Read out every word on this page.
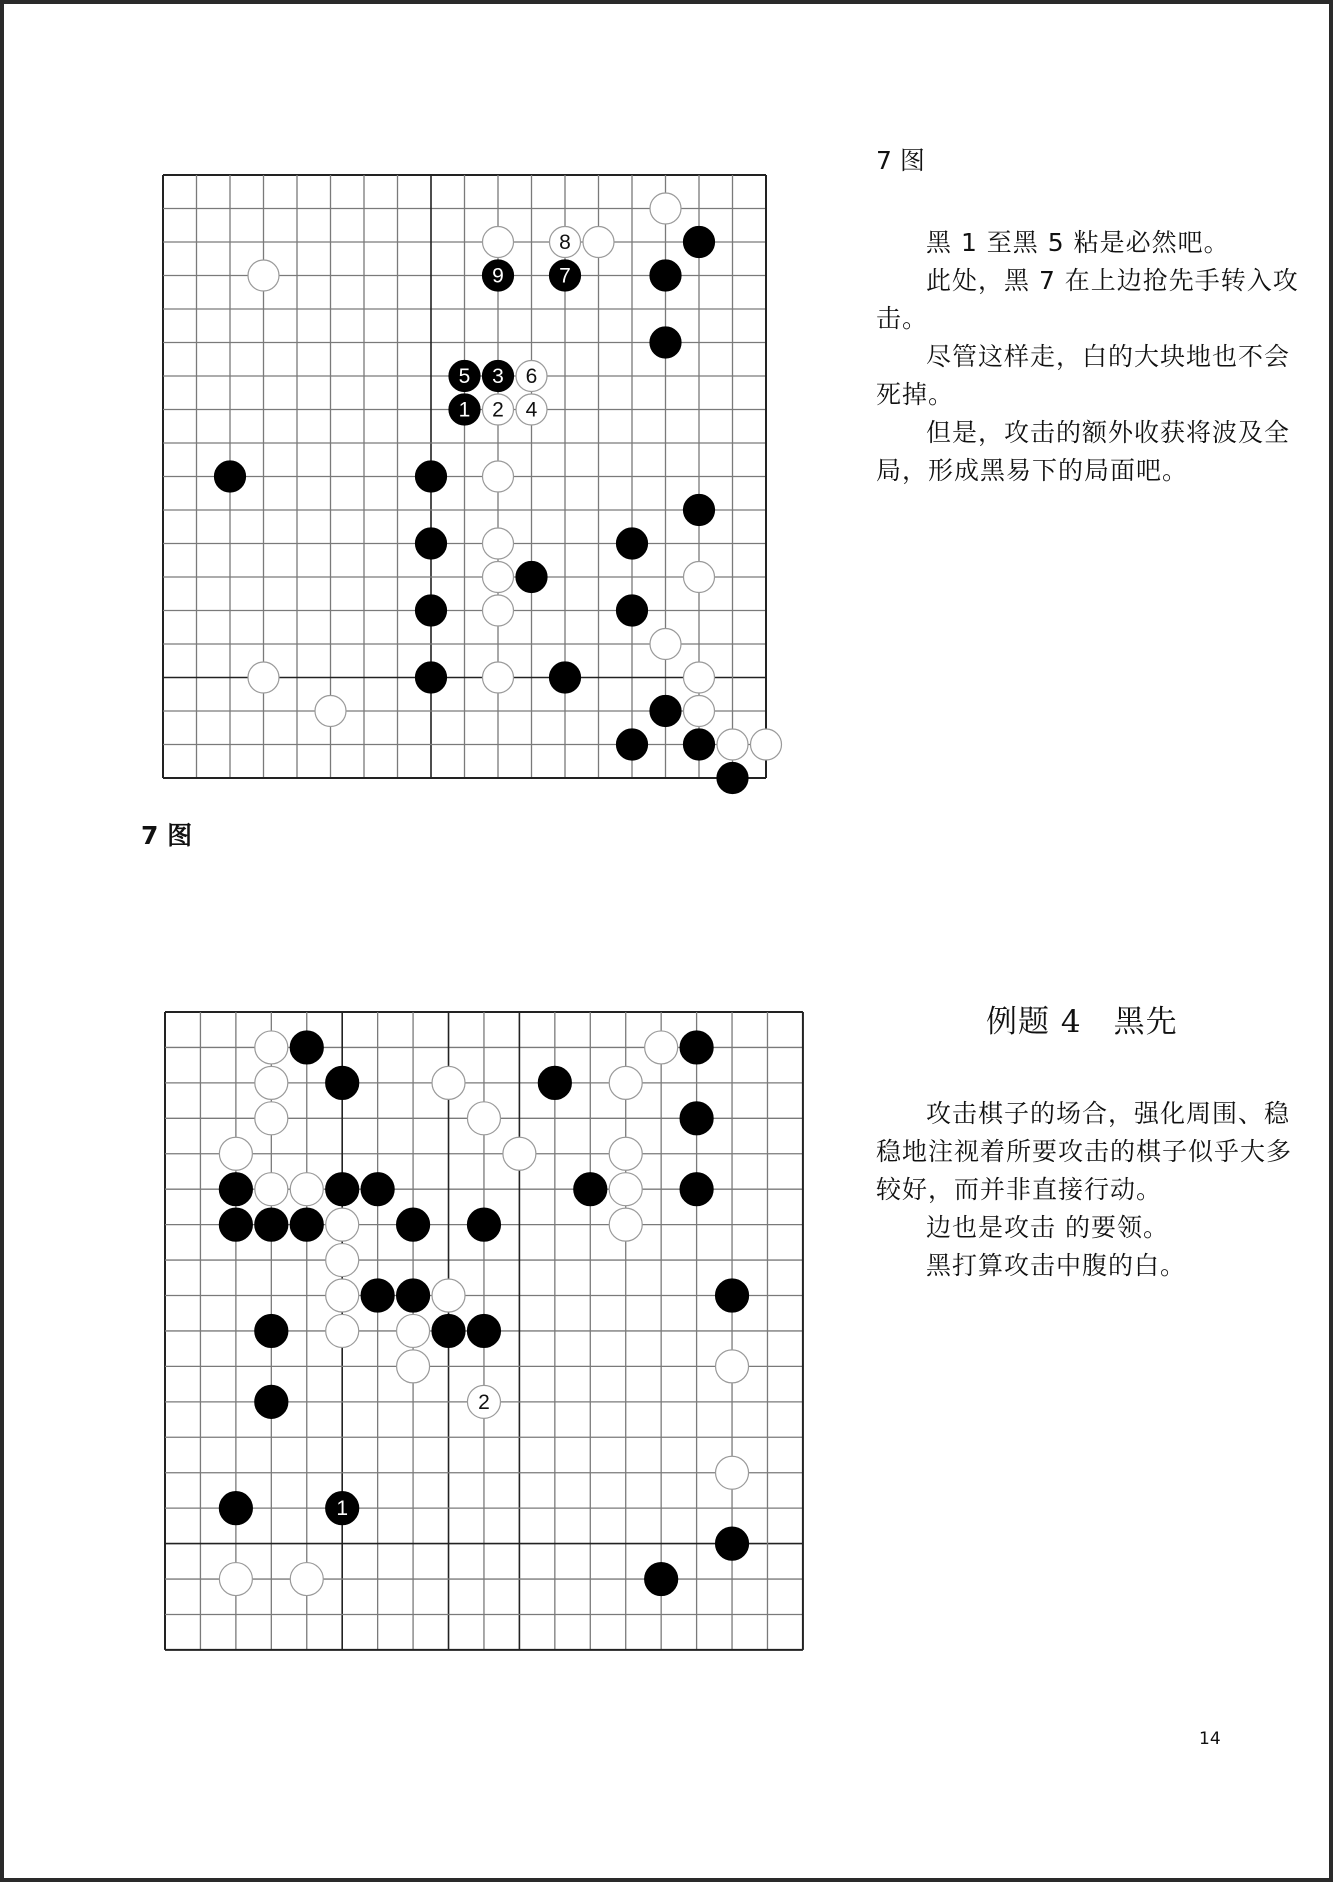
8
9	7
5 3 6
1 2 4
7 图

黑 1 至黑 5 粘是必然吧。

此处，黑 7 在上边抢先手转入攻击。

尽管这样走，白的大块地也不会死掉。

但是，攻击的额外收获将波及全局，形成黑易下的局面吧。

7 图
例题 4　黑先

攻击棋子的场合，强化周围、稳稳地注视着所要攻击的棋子似乎大多较好，而并非直接行动。

边也是攻击 的要领。

黑打算攻击中腹的白。

2
1
14
